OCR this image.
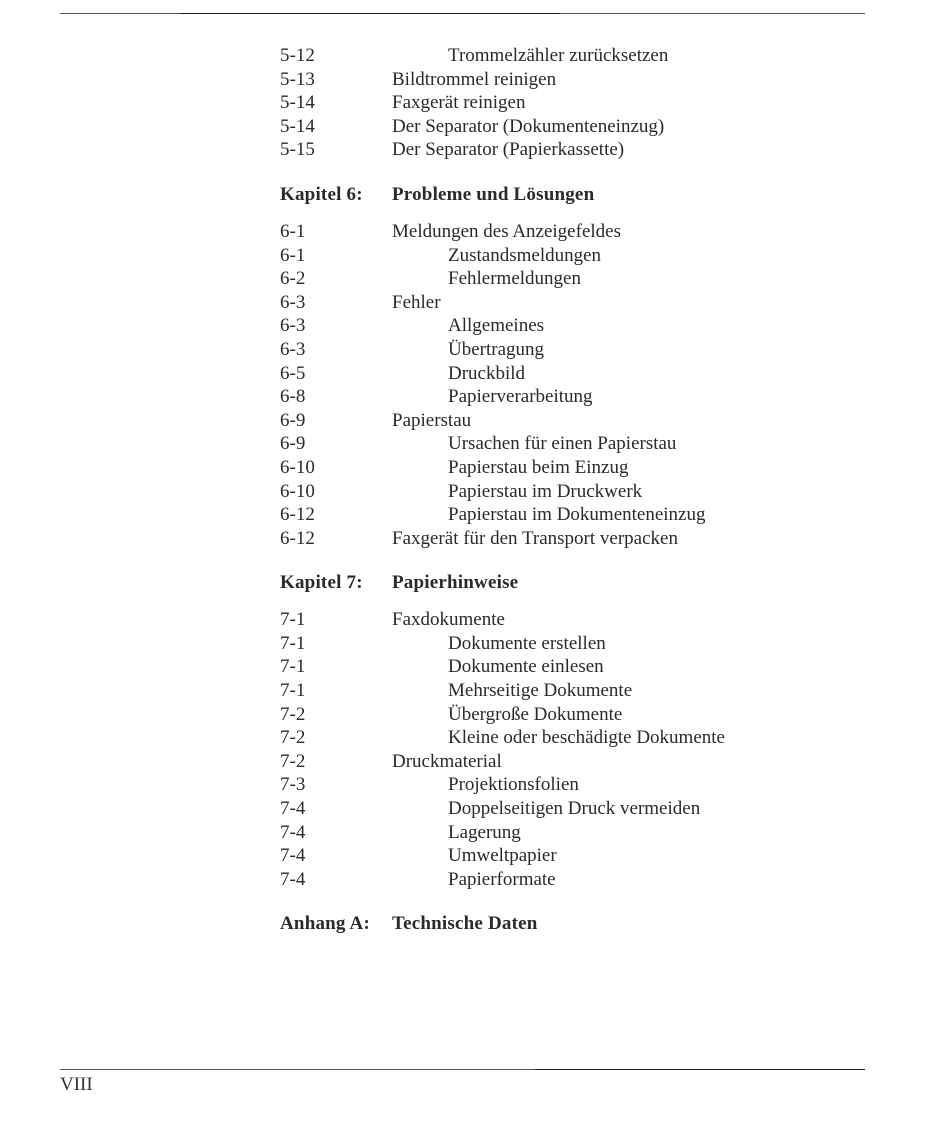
5-12	Trommelzähler zurücksetzen
5-13	Bildtrommel reinigen
5-14	Faxgerät reinigen
5-14	Der Separator (Dokumenteneinzug)
5-15	Der Separator (Papierkassette)
Kapitel 6:	Probleme und Lösungen
6-1	Meldungen des Anzeigefeldes
6-1	Zustandsmeldungen
6-2	Fehlermeldungen
6-3	Fehler
6-3	Allgemeines
6-3	Übertragung
6-5	Druckbild
6-8	Papierverarbeitung
6-9	Papierstau
6-9	Ursachen für einen Papierstau
6-10	Papierstau beim Einzug
6-10	Papierstau im Druckwerk
6-12	Papierstau im Dokumenteneinzug
6-12	Faxgerät für den Transport verpacken
Kapitel 7:	Papierhinweise
7-1	Faxdokumente
7-1	Dokumente erstellen
7-1	Dokumente einlesen
7-1	Mehrseitige Dokumente
7-2	Übergroße Dokumente
7-2	Kleine oder beschädigte Dokumente
7-2	Druckmaterial
7-3	Projektionsfolien
7-4	Doppelseitigen Druck vermeiden
7-4	Lagerung
7-4	Umweltpapier
7-4	Papierformate
Anhang A:	Technische Daten
VIII
